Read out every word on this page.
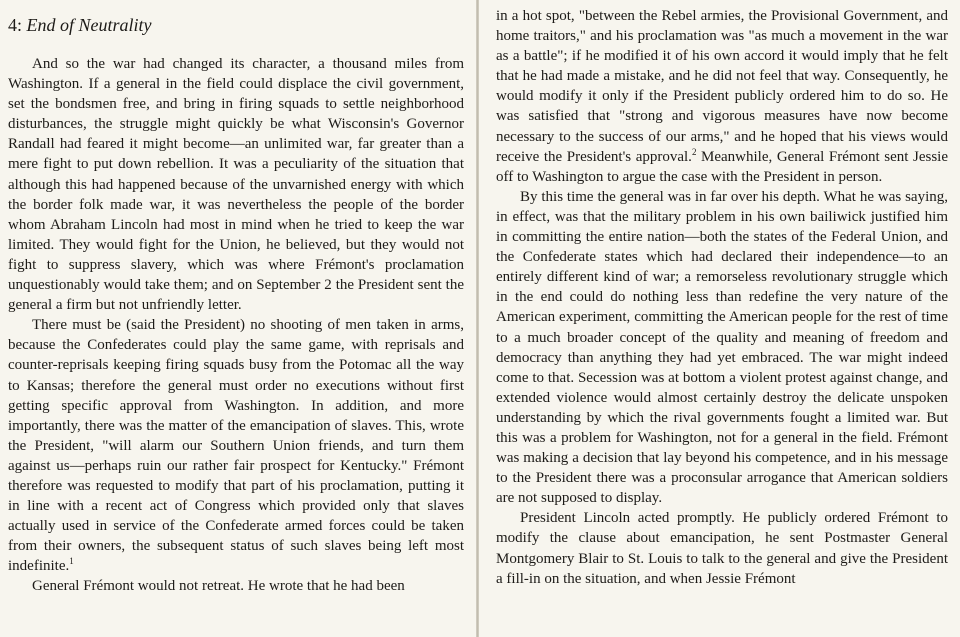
4: End of Neutrality

And so the war had changed its character, a thousand miles from Washington. If a general in the field could displace the civil government, set the bondsmen free, and bring in firing squads to settle neighborhood disturbances, the struggle might quickly be what Wisconsin's Governor Randall had feared it might become—an unlimited war, far greater than a mere fight to put down rebellion. It was a peculiarity of the situation that although this had happened because of the unvarnished energy with which the border folk made war, it was nevertheless the people of the border whom Abraham Lincoln had most in mind when he tried to keep the war limited. They would fight for the Union, he believed, but they would not fight to suppress slavery, which was where Frémont's proclamation unquestionably would take them; and on September 2 the President sent the general a firm but not unfriendly letter.

There must be (said the President) no shooting of men taken in arms, because the Confederates could play the same game, with reprisals and counter-reprisals keeping firing squads busy from the Potomac all the way to Kansas; therefore the general must order no executions without first getting specific approval from Washington. In addition, and more importantly, there was the matter of the emancipation of slaves. This, wrote the President, "will alarm our Southern Union friends, and turn them against us—perhaps ruin our rather fair prospect for Kentucky." Frémont therefore was requested to modify that part of his proclamation, putting it in line with a recent act of Congress which provided only that slaves actually used in service of the Confederate armed forces could be taken from their owners, the subsequent status of such slaves being left most indefinite.$^1$

General Frémont would not retreat. He wrote that he had been

in a hot spot, "between the Rebel armies, the Provisional Government, and home traitors," and his proclamation was "as much a movement in the war as a battle"; if he modified it of his own accord it would imply that he felt that he had made a mistake, and he did not feel that way. Consequently, he would modify it only if the President publicly ordered him to do so. He was satisfied that "strong and vigorous measures have now become necessary to the success of our arms," and he hoped that his views would receive the President's approval.$^2$ Meanwhile, General Frémont sent Jessie off to Washington to argue the case with the President in person.

By this time the general was in far over his depth. What he was saying, in effect, was that the military problem in his own bailiwick justified him in committing the entire nation—both the states of the Federal Union, and the Confederate states which had declared their independence—to an entirely different kind of war; a remorseless revolutionary struggle which in the end could do nothing less than redefine the very nature of the American experiment, committing the American people for the rest of time to a much broader concept of the quality and meaning of freedom and democracy than anything they had yet embraced. The war might indeed come to that. Secession was at bottom a violent protest against change, and extended violence would almost certainly destroy the delicate unspoken understanding by which the rival governments fought a limited war. But this was a problem for Washington, not for a general in the field. Frémont was making a decision that lay beyond his competence, and in his message to the President there was a proconsular arrogance that American soldiers are not supposed to display.

President Lincoln acted promptly. He publicly ordered Frémont to modify the clause about emancipation, he sent Postmaster General Montgomery Blair to St. Louis to talk to the general and give the President a fill-in on the situation, and when Jessie Frémont
